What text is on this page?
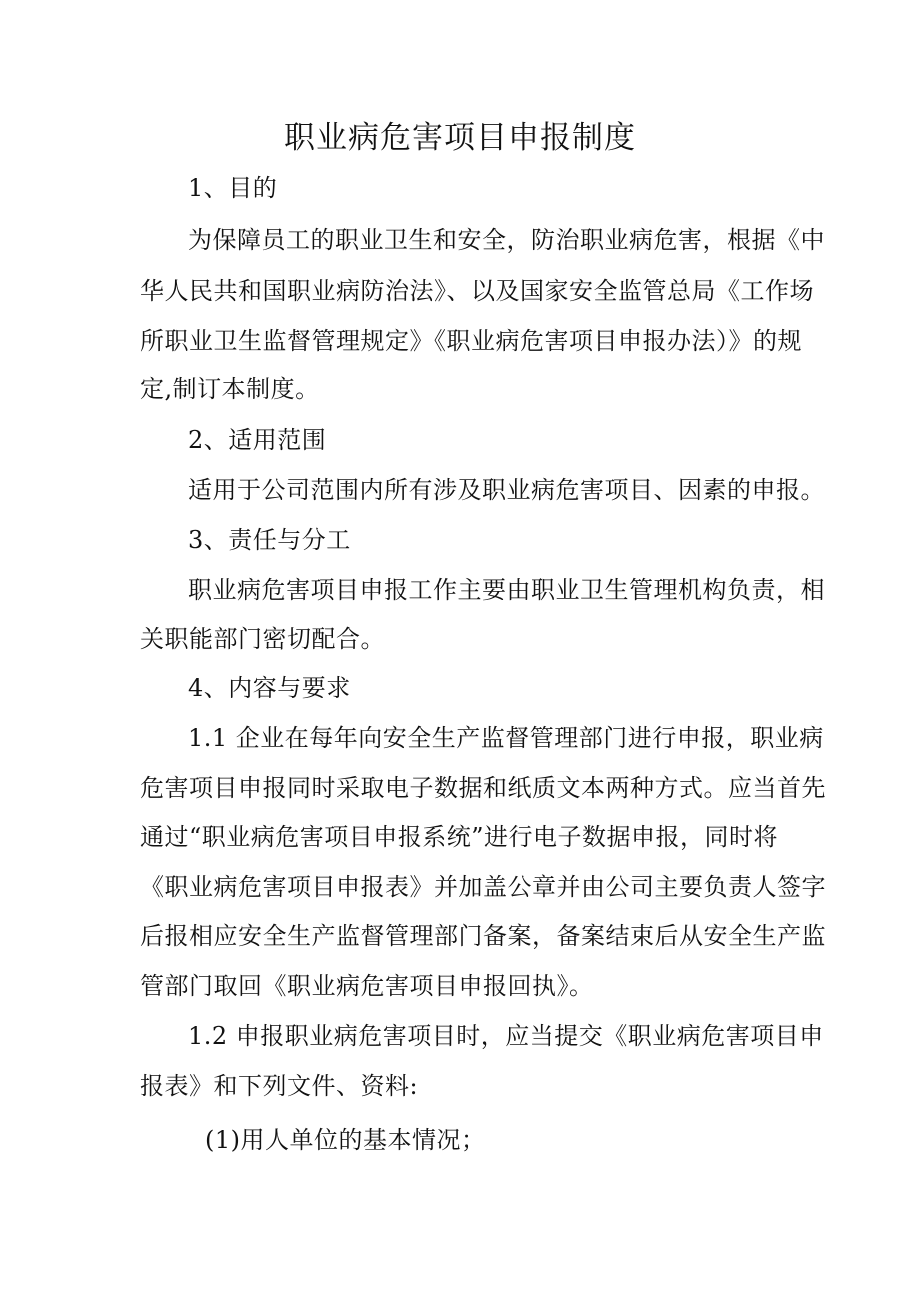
职业病危害项目申报制度
1、目的
为保障员工的职业卫生和安全，防治职业病危害，根据《中
华人民共和国职业病防治法》、以及国家安全监管总局《工作场
所职业卫生监督管理规定》《职业病危害项目申报办法）》的规
定,制订本制度。
2、适用范围
适用于公司范围内所有涉及职业病危害项目、因素的申报。
3、责任与分工
职业病危害项目申报工作主要由职业卫生管理机构负责，相
关职能部门密切配合。
4、内容与要求
1.1 企业在每年向安全生产监督管理部门进行申报，职业病
危害项目申报同时采取电子数据和纸质文本两种方式。应当首先
通过“职业病危害项目申报系统”进行电子数据申报，同时将
《职业病危害项目申报表》并加盖公章并由公司主要负责人签字
后报相应安全生产监督管理部门备案，备案结束后从安全生产监
管部门取回《职业病危害项目申报回执》。
1.2 申报职业病危害项目时，应当提交《职业病危害项目申
报表》和下列文件、资料:
(1)用人单位的基本情况；
